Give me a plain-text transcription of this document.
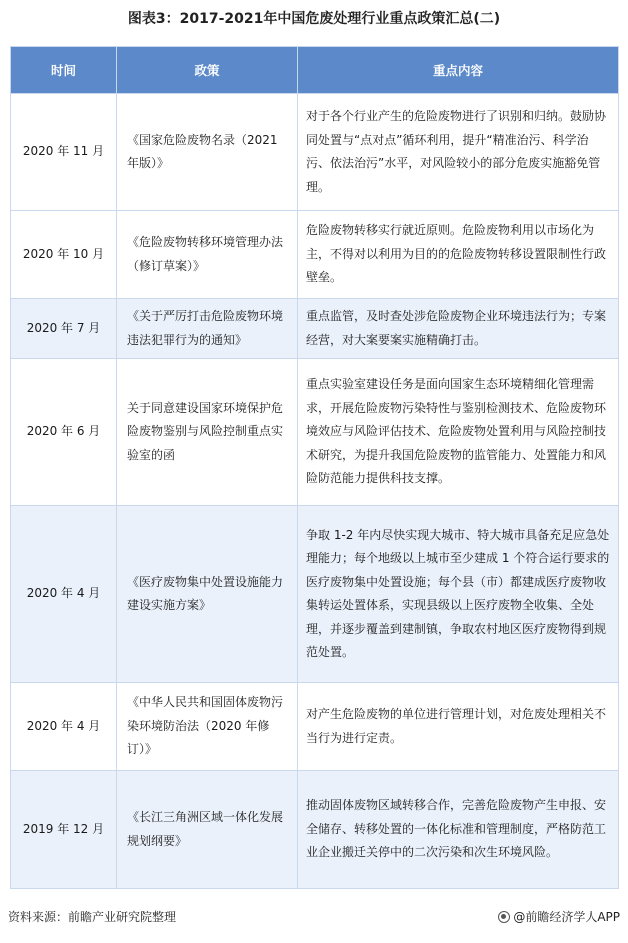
图表3：2017-2021年中国危废处理行业重点政策汇总(二)
时间	政策	重点内容
2020 年 11 月	《国家危险废物名录（2021年版）》	对于各个行业产生的危险废物进行了识别和归纳。鼓励协同处置与“点对点”循环利用，提升“精准治污、科学治污、依法治污”水平，对风险较小的部分危废实施豁免管理。
2020 年 10 月	《危险废物转移环境管理办法（修订草案）》	危险废物转移实行就近原则。危险废物利用以市场化为主，不得对以利用为目的的危险废物转移设置限制性行政壁垒。
2020 年 7 月	《关于严厉打击危险废物环境违法犯罪行为的通知》	重点监管，及时查处涉危险废物企业环境违法行为；专案经营，对大案要案实施精确打击。
2020 年 6 月	关于同意建设国家环境保护危险废物鉴别与风险控制重点实验室的函	重点实验室建设任务是面向国家生态环境精细化管理需求，开展危险废物污染特性与鉴别检测技术、危险废物环境效应与风险评估技术、危险废物处置利用与风险控制技术研究，为提升我国危险废物的监管能力、处置能力和风险防范能力提供科技支撑。
2020 年 4 月	《医疗废物集中处置设施能力建设实施方案》	争取 1-2 年内尽快实现大城市、特大城市具备充足应急处理能力；每个地级以上城市至少建成 1 个符合运行要求的医疗废物集中处置设施；每个县（市）都建成医疗废物收集转运处置体系，实现县级以上医疗废物全收集、全处理，并逐步覆盖到建制镇，争取农村地区医疗废物得到规范处置。
2020 年 4 月	《中华人民共和国固体废物污染环境防治法（2020 年修订）》	对产生危险废物的单位进行管理计划，对危废处理相关不当行为进行定责。
2019 年 12 月	《长江三角洲区域一体化发展规划纲要》	推动固体废物区域转移合作，完善危险废物产生申报、安全储存、转移处置的一体化标准和管理制度，严格防范工业企业搬迁关停中的二次污染和次生环境风险。
资料来源：前瞻产业研究院整理	@前瞻经济学人APP
